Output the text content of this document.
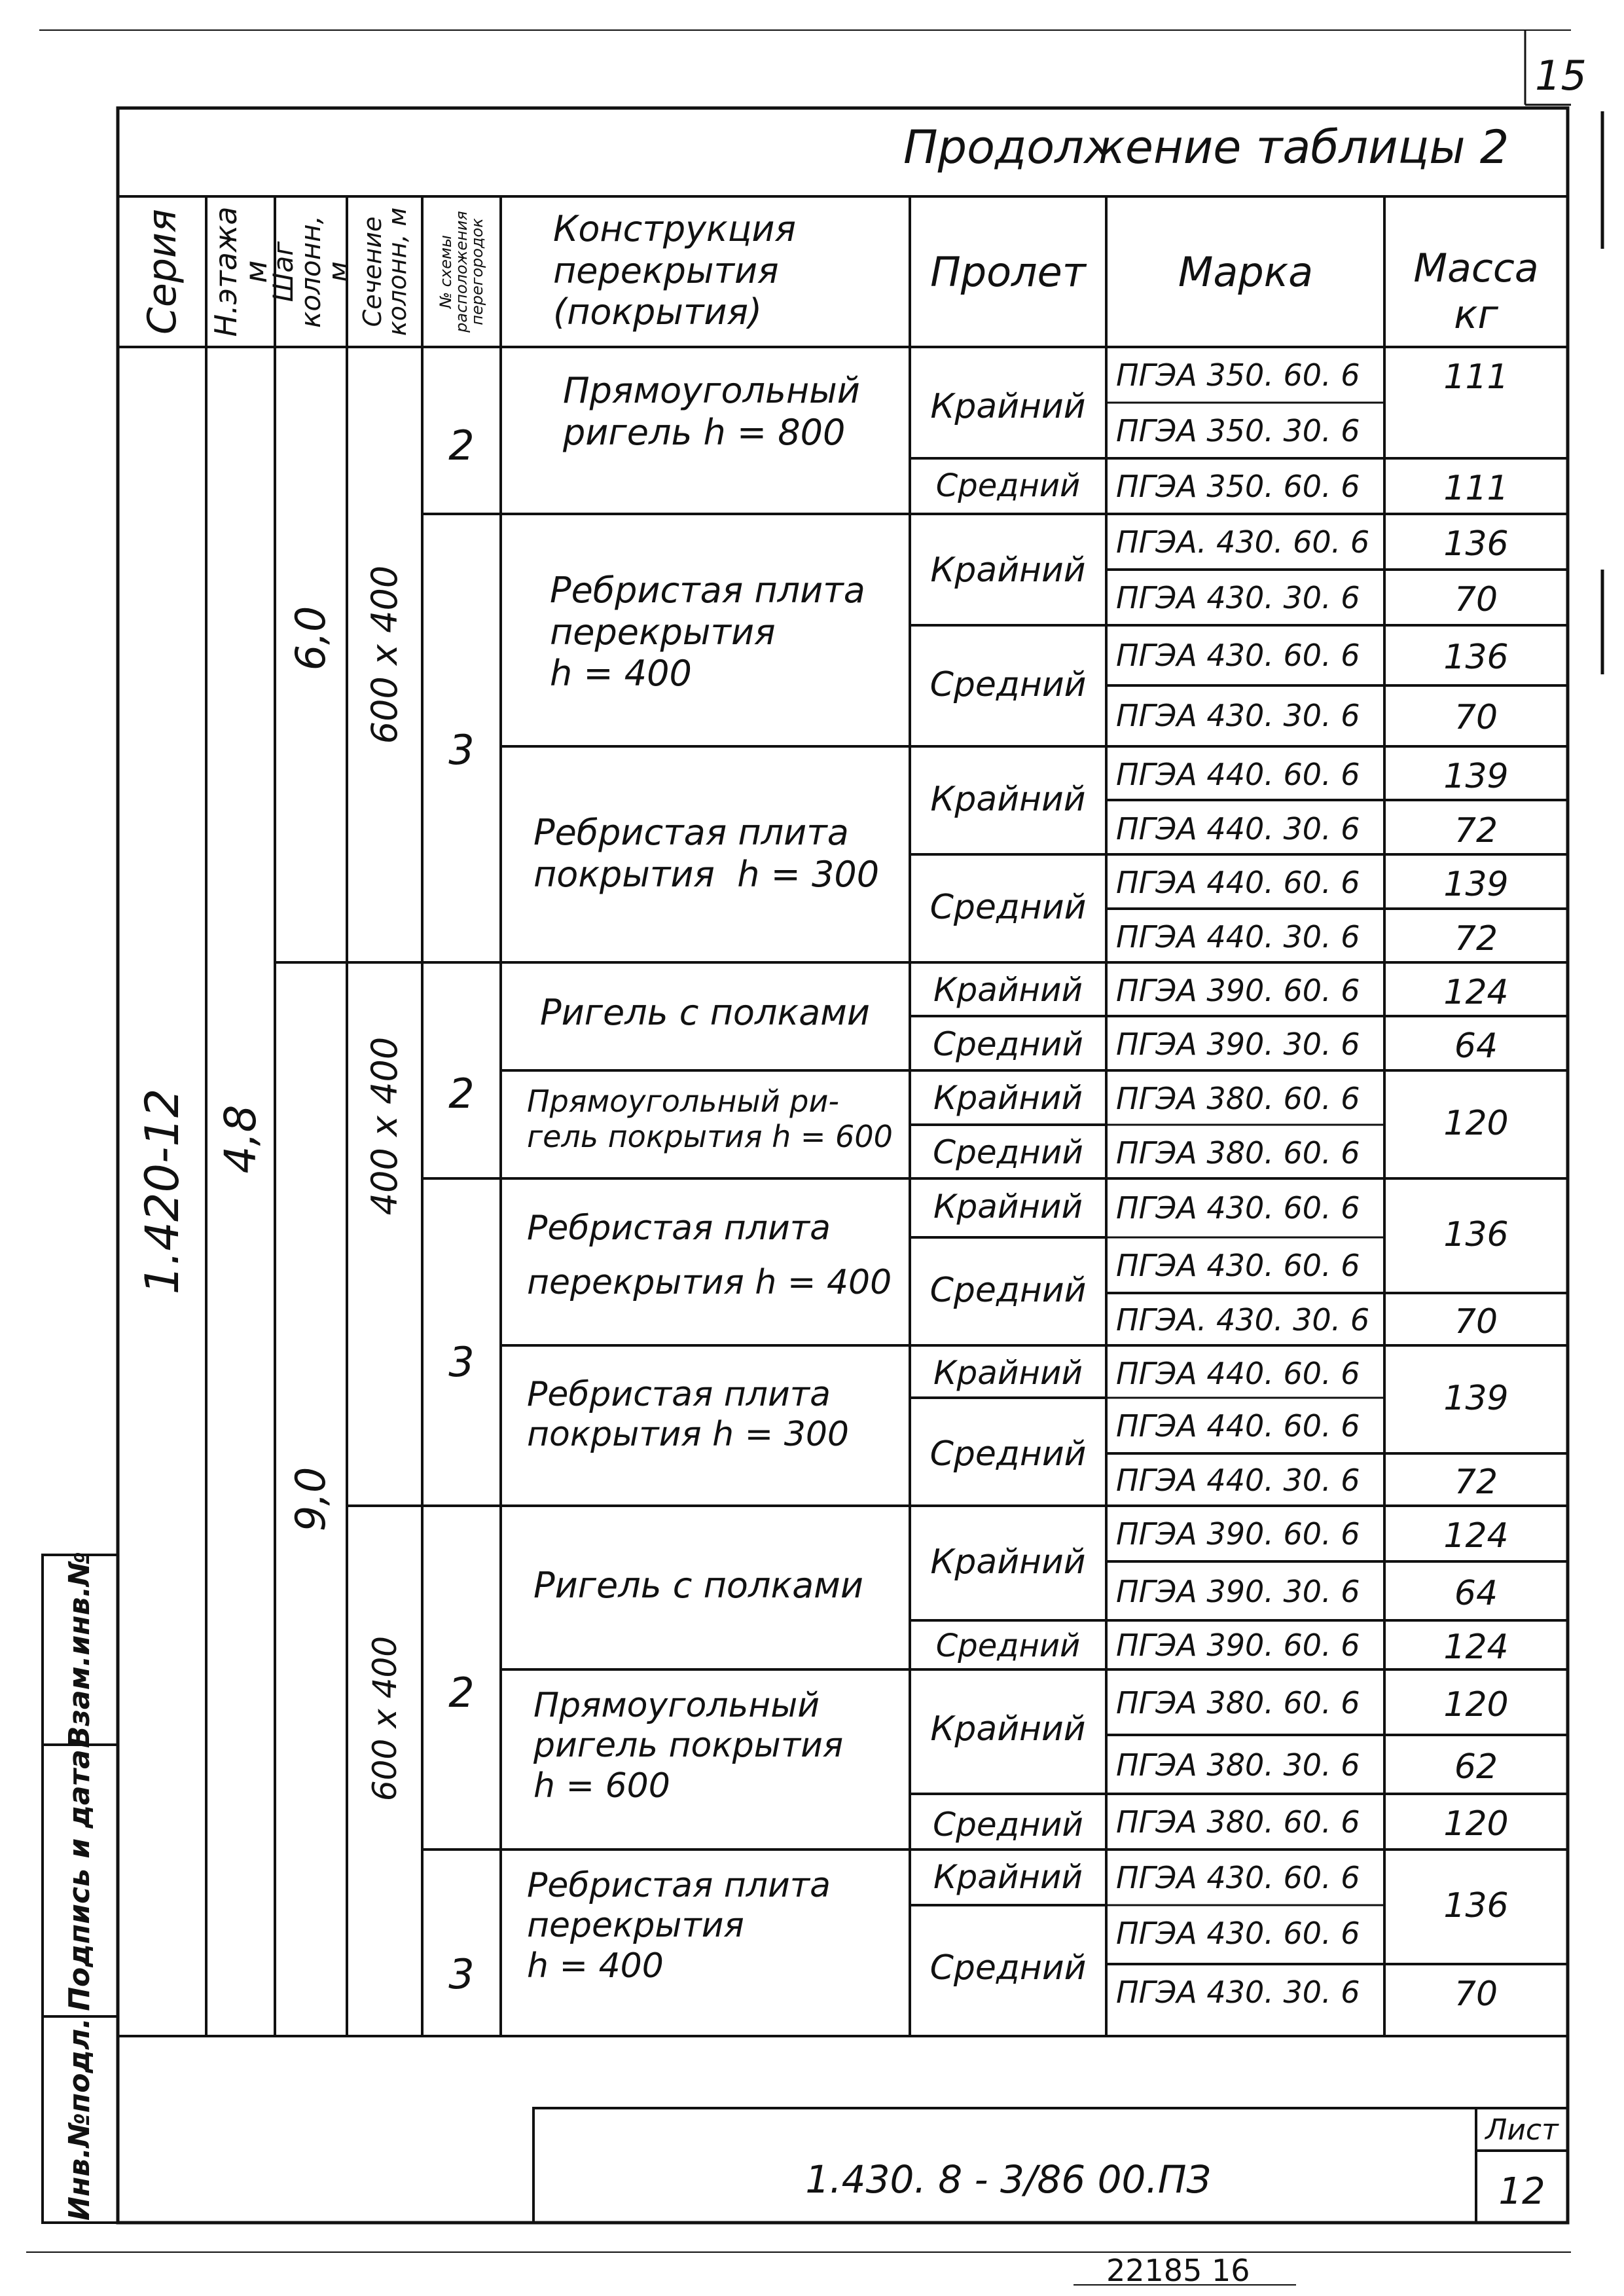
15
Продолжение таблицы 2
Серия Н.этажа м
Шаг колонн, м Сечение колонн, м № схемы расположения перегородок Конструкция
перекрытия
(покрытия)
Пролет Марка	Масса
кг
1.420-12 4,8
6,0
9,0
600 х 400
400 х 400
600 х 400
2
3
2
3
2
3
Прямоугольный
ригель h = 800
Ребристая плита
перекрытия
h = 400
Ребристая плита
покрытия  h = 300
Ригель с полками
Прямоугольный ри-
гель покрытия h = 600
Ребристая плита
перекрытия h = 400
Ребристая плита
покрытия h = 300
Ригель с полками
Прямоугольный
ригель покрытия
h = 600
Ребристая плита
перекрытия
h = 400
Крайний
Средний
Крайний
Средний
Крайний
Средний
Крайний
Средний
Крайний
Средний
Крайний
Средний
Крайний
Средний
Крайний
Средний
Крайний
Средний
Крайний
Средний
ПГЭА 350. 60. 6
ПГЭА 350. 30. 6
ПГЭА 350. 60. 6
ПГЭА. 430. 60. 6
ПГЭА 430. 30. 6
ПГЭА 430. 60. 6
ПГЭА 430. 30. 6
ПГЭА 440. 60. 6
ПГЭА 440. 30. 6
ПГЭА 440. 60. 6
ПГЭА 440. 30. 6
ПГЭА 390. 60. 6
ПГЭА 390. 30. 6
ПГЭА 380. 60. 6
ПГЭА 380. 60. 6
ПГЭА 430. 60. 6
ПГЭА 430. 60. 6
ПГЭА. 430. 30. 6
ПГЭА 440. 60. 6
ПГЭА 440. 60. 6
ПГЭА 440. 30. 6
ПГЭА 390. 60. 6
ПГЭА 390. 30. 6
ПГЭА 390. 60. 6
ПГЭА 380. 60. 6
ПГЭА 380. 30. 6
ПГЭА 380. 60. 6
ПГЭА 430. 60. 6
ПГЭА 430. 60. 6
ПГЭА 430. 30. 6
111
111
136
70
136
70
139
72
139
72
124
64
120
136
70
139
72
124
64
124
120
62
120
136
70
Инв.№подл.
Подпись и дата
Взам.инв.№
1.430. 8 - 3/86 00.ПЗ
Лист
12
22185 16
